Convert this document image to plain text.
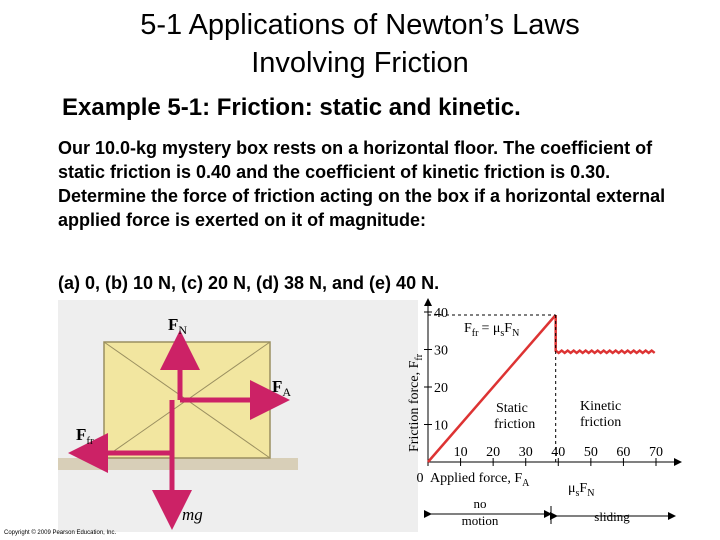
5-1 Applications of Newton’s Laws
Involving Friction
Example 5-1: Friction: static and kinetic.
Our 10.0-kg mystery box rests on a horizontal floor. The coefficient of static friction is 0.40 and the coefficient of kinetic friction is 0.30. Determine the force of friction acting on the box if a horizontal external applied force is exerted on it of magnitude:
(a) 0, (b) 10 N, (c) 20 N, (d) 38 N, and (e) 40 N.
$F_N$
$F_A$
$F_{fr}$
mg
Friction force, $F_{fr}$
Applied force, $F_A$
$F_{fr} = \mu_sF_N$
Static
friction
Kinetic
friction
$\mu_sF_N$
no
motion	sliding
10
20
30
40
0
10 20 30 40 50 60 70
Copyright © 2009 Pearson Education, Inc.
